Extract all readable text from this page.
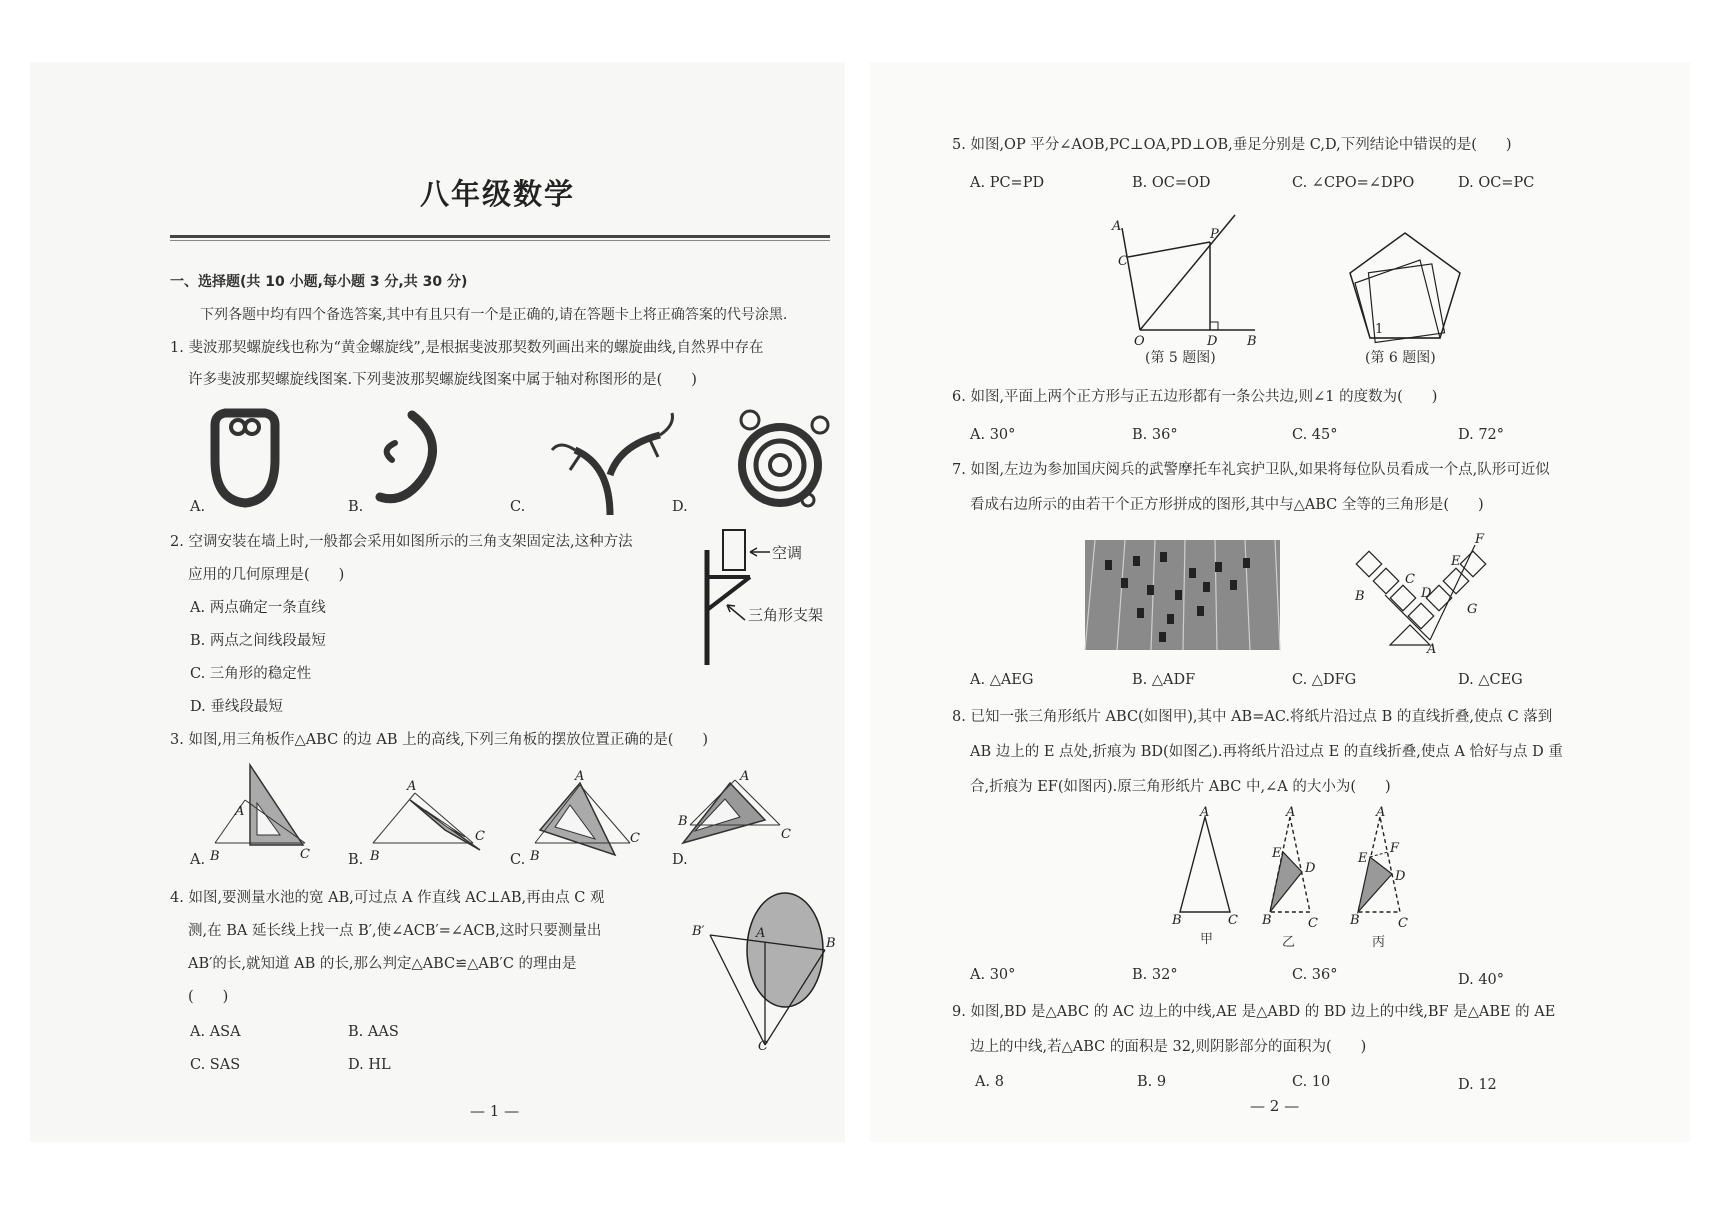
八年级数学
一、选择题(共 10 小题,每小题 3 分,共 30 分)
下列各题中均有四个备选答案,其中有且只有一个是正确的,请在答题卡上将正确答案的代号涂黑.
1. 斐波那契螺旋线也称为“黄金螺旋线”,是根据斐波那契数列画出来的螺旋曲线,自然界中存在
许多斐波那契螺旋线图案.下列斐波那契螺旋线图案中属于轴对称图形的是(　　)
A.	B.	C.	D.
2. 空调安装在墙上时,一般都会采用如图所示的三角支架固定法,这种方法
应用的几何原理是(　　)
A. 两点确定一条直线
B. 两点之间线段最短
C. 三角形的稳定性
D. 垂线段最短
空调
三角形支架
3. 如图,用三角板作△ABC 的边 AB 上的高线,下列三角板的摆放位置正确的是(　　)
A
B	C
A
B
C
A
B
C
A
B
C
A.	B.	C.	D.
4. 如图,要测量水池的宽 AB,可过点 A 作直线 AC⊥AB,再由点 C 观
测,在 BA 延长线上找一点 B′,使∠ACB′=∠ACB,这时只要测量出
AB′的长,就知道 AB 的长,那么判定△ABC≌△AB′C 的理由是
(　　)
A. ASA	B. AAS
C. SAS	D. HL
B′	A
B
C
— 1 —
5. 如图,OP 平分∠AOB,PC⊥OA,PD⊥OB,垂足分别是 C,D,下列结论中错误的是(　　)
A. PC=PD	B. OC=OD	C. ∠CPO=∠DPO	D. OC=PC
A
C
P
O	D B
(第 5 题图)
1
(第 6 题图)
6. 如图,平面上两个正方形与正五边形都有一条公共边,则∠1 的度数为(　　)
A. 30°	B. 36°	C. 45°	D. 72°
7. 如图,左边为参加国庆阅兵的武警摩托车礼宾护卫队,如果将每位队员看成一个点,队形可近似
看成右边所示的由若干个正方形拼成的图形,其中与△ABC 全等的三角形是(　　)
B
C
D
E
F
G
A
A. △AEG	B. △ADF	C. △DFG	D. △CEG
8. 已知一张三角形纸片 ABC(如图甲),其中 AB=AC.将纸片沿过点 B 的直线折叠,使点 C 落到
AB 边上的 E 点处,折痕为 BD(如图乙).再将纸片沿过点 E 的直线折叠,使点 A 恰好与点 D 重
合,折痕为 EF(如图丙).原三角形纸片 ABC 中,∠A 的大小为(　　)
A
B	C
A
E
D
B	C
A
E
F
D
B	C
甲	乙	丙
A. 30°	B. 32°	C. 36°	D. 40°
9. 如图,BD 是△ABC 的 AC 边上的中线,AE 是△ABD 的 BD 边上的中线,BF 是△ABE 的 AE
边上的中线,若△ABC 的面积是 32,则阴影部分的面积为(　　)
A. 8	B. 9	C. 10	D. 12
— 2 —
